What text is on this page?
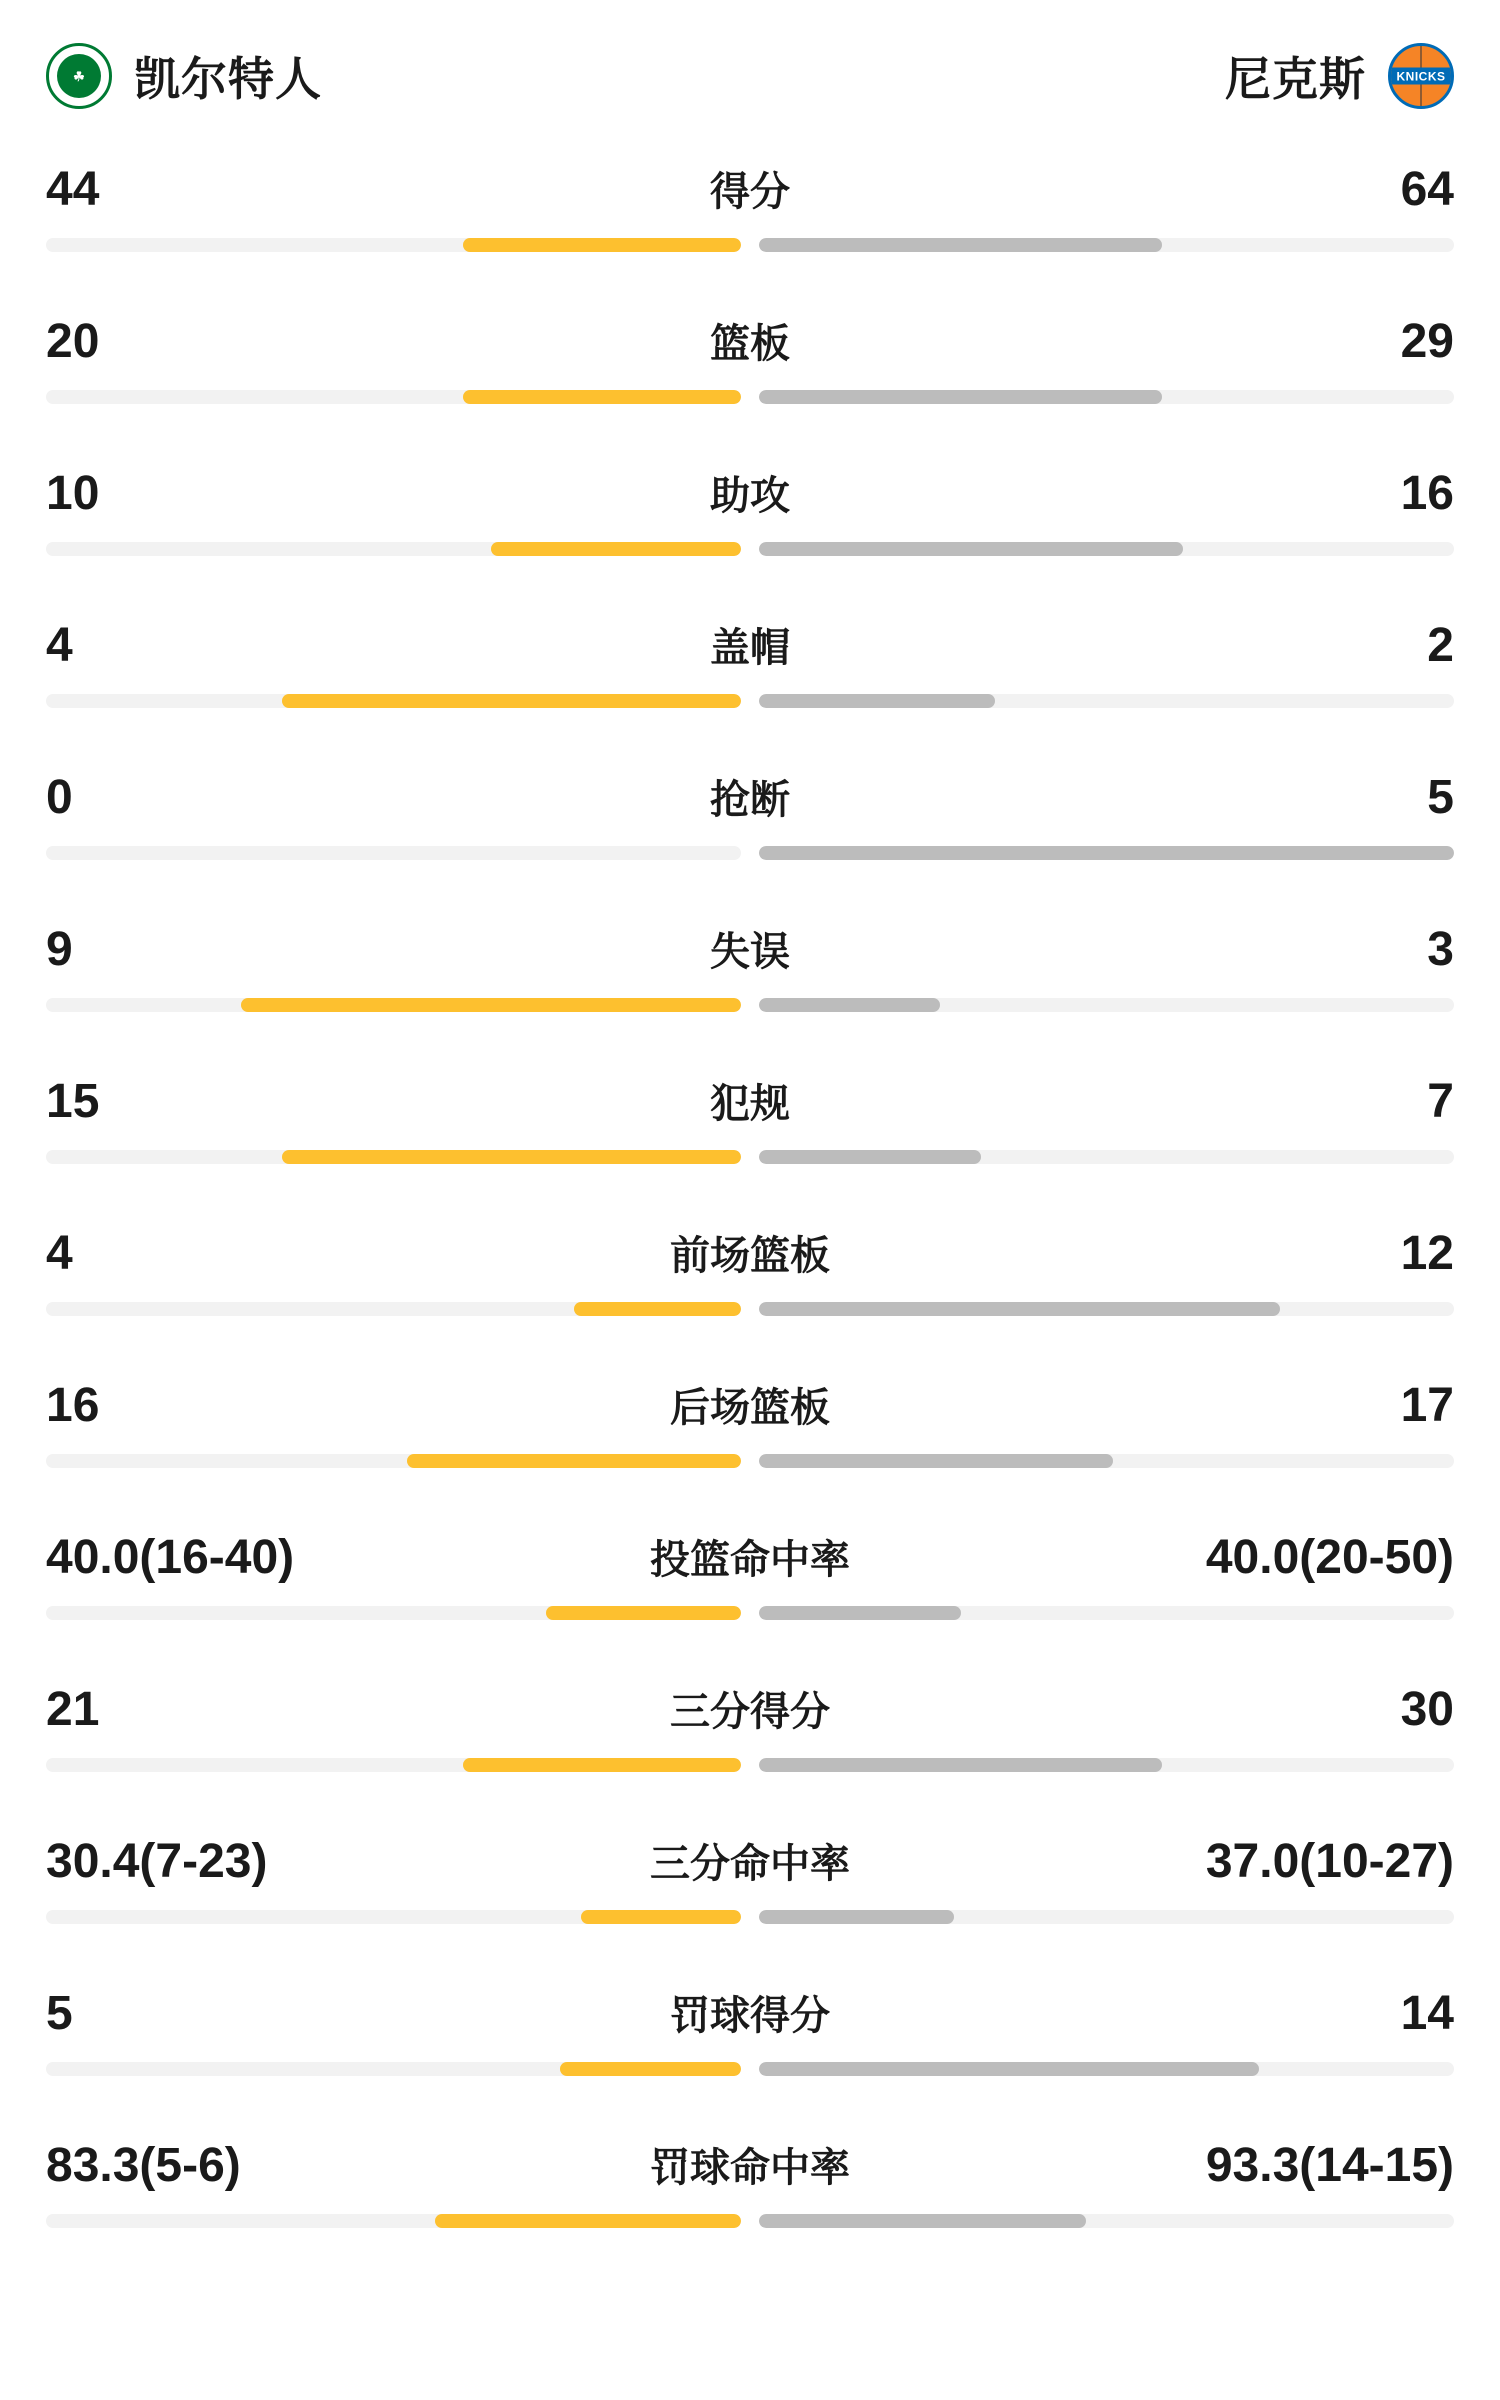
☘	凯尔特人	尼克斯	KNICKS
44	得分	64
20	篮板	29
10	助攻	16
4	盖帽	2
0	抢断	5
9	失误	3
15	犯规	7
4	前场篮板	12
16	后场篮板	17
40.0(16-40)	投篮命中率	40.0(20-50)
21	三分得分	30
30.4(7-23)	三分命中率	37.0(10-27)
5	罚球得分	14
83.3(5-6)	罚球命中率	93.3(14-15)
